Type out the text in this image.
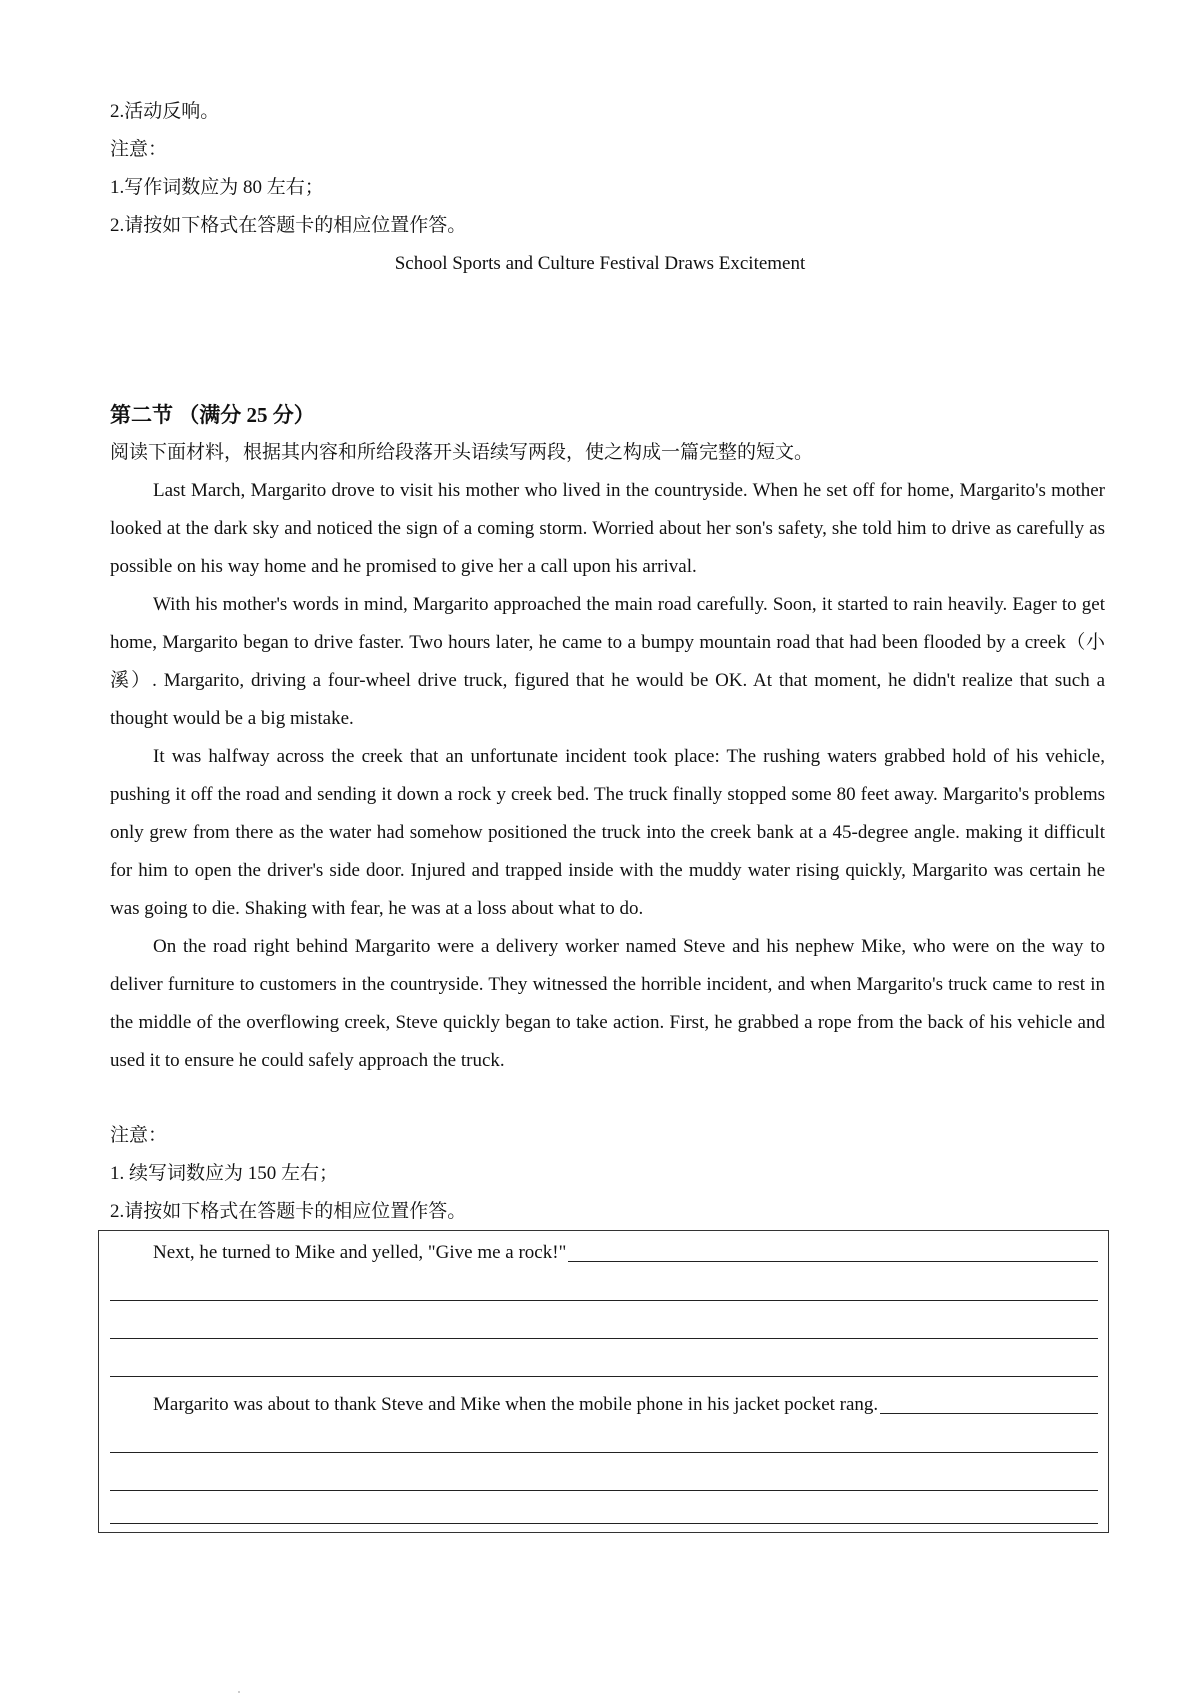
2.活动反响。
注意：
1.写作词数应为 80 左右；
2.请按如下格式在答题卡的相应位置作答。
School Sports and Culture Festival Draws Excitement
第二节 （满分 25 分）
阅读下面材料，根据其内容和所给段落开头语续写两段，使之构成一篇完整的短文。

Last March, Margarito drove to visit his mother who lived in the countryside. When he set off for home, Margarito's mother looked at the dark sky and noticed the sign of a coming storm. Worried about her son's safety, she told him to drive as carefully as possible on his way home and he promised to give her a call upon his arrival.

With his mother's words in mind, Margarito approached the main road carefully. Soon, it started to rain heavily. Eager to get home, Margarito began to drive faster. Two hours later, he came to a bumpy mountain road that had been flooded by a creek（小溪）. Margarito, driving a four-wheel drive truck, figured that he would be OK. At that moment, he didn't realize that such a thought would be a big mistake.

It was halfway across the creek that an unfortunate incident took place: The rushing waters grabbed hold of his vehicle, pushing it off the road and sending it down a rock y creek bed. The truck finally stopped some 80 feet away. Margarito's problems only grew from there as the water had somehow positioned the truck into the creek bank at a 45-degree angle. making it difficult for him to open the driver's side door. Injured and trapped inside with the muddy water rising quickly, Margarito was certain he was going to die. Shaking with fear, he was at a loss about what to do.

On the road right behind Margarito were a delivery worker named Steve and his nephew Mike, who were on the way to deliver furniture to customers in the countryside. They witnessed the horrible incident, and when Margarito's truck came to rest in the middle of the overflowing creek, Steve quickly began to take action. First, he grabbed a rope from the back of his vehicle and used it to ensure he could safely approach the truck.

注意：
1. 续写词数应为 150 左右；
2.请按如下格式在答题卡的相应位置作答。
Next, he turned to Mike and yelled, "Give me a rock!"
Margarito was about to thank Steve and Mike when the mobile phone in his jacket pocket rang.
